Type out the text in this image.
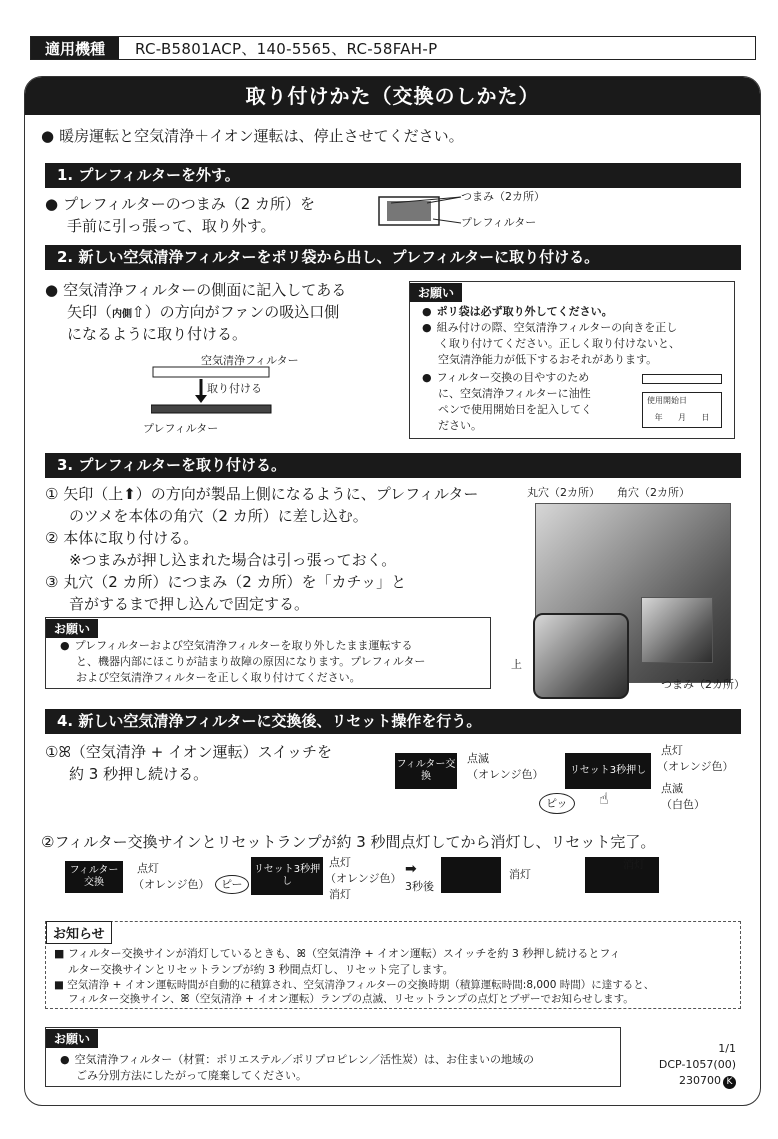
適用機種	RC-B5801ACP、140-5565、RC-58FAH-P
取り付けかた（交換のしかた）
● 暖房運転と空気清浄＋イオン運転は、停止させてください。
1. プレフィルターを外す。
● プレフィルターのつまみ（2 カ所）を
手前に引っ張って、取り外す。
つまみ（2カ所）
プレフィルター
2. 新しい空気清浄フィルターをポリ袋から出し、プレフィルターに取り付ける。
● 空気清浄フィルターの側面に記入してある
矢印（内側⇧）の方向がファンの吸込口側
になるように取り付ける。
空気清浄フィルター
取り付ける
プレフィルター
お願い
● ポリ袋は必ず取り外してください。
● 組み付けの際、空気清浄フィルターの向きを正し
く取り付けてください。正しく取り付けないと、
空気清浄能力が低下するおそれがあります。
● フィルター交換の目やすのため
に、空気清浄フィルターに油性
ペンで使用開始日を記入してく
ださい。
使用開始日
年 月 日
3. プレフィルターを取り付ける。
① 矢印（上⬆）の方向が製品上側になるように、プレフィルター
のツメを本体の角穴（2 カ所）に差し込む。
② 本体に取り付ける。
※つまみが押し込まれた場合は引っ張っておく。
③ 丸穴（2 カ所）につまみ（2 カ所）を「カチッ」と
音がするまで押し込んで固定する。
お願い
● プレフィルターおよび空気清浄フィルターを取り外したまま運転する
と、機器内部にほこりが詰まり故障の原因になります。プレフィルター
および空気清浄フィルターを正しく取り付けてください。
丸穴（2カ所） 角穴（2カ所）
上
つまみ（2カ所）
4. 新しい空気清浄フィルターに交換後、リセット操作を行う。
①ꕤ（空気清浄 + イオン運転）スイッチを
約 3 秒押し続ける。
フィルター交換
点滅
（オレンジ色）	リセット3秒押し
点灯
（オレンジ色）
点滅
（白色）
ピッ	☝
②フィルター交換サインとリセットランプが約 3 秒間点灯してから消灯し、リセット完了。
フィルター交換
点灯
（オレンジ色）	ピー
リセット3秒押し
点灯
（オレンジ色）
消灯
➡
3秒後
消灯
消灯
お知らせ
■ フィルター交換サインが消灯しているときも、ꕤ（空気清浄 + イオン運転）スイッチを約 3 秒押し続けるとフィ
ルター交換サインとリセットランプが約 3 秒間点灯し、リセット完了します。
■ 空気清浄 + イオン運転時間が自動的に積算され、空気清浄フィルターの交換時期（積算運転時間:8,000 時間）に達すると、
フィルター交換サイン、ꕤ（空気清浄 + イオン運転）ランプの点滅、リセットランプの点灯とブザーでお知らせします。
お願い
● 空気清浄フィルター（材質：ポリエステル／ポリプロピレン／活性炭）は、お住まいの地域の
ごみ分別方法にしたがって廃棄してください。
1/1
DCP-1057(00)
230700 K
